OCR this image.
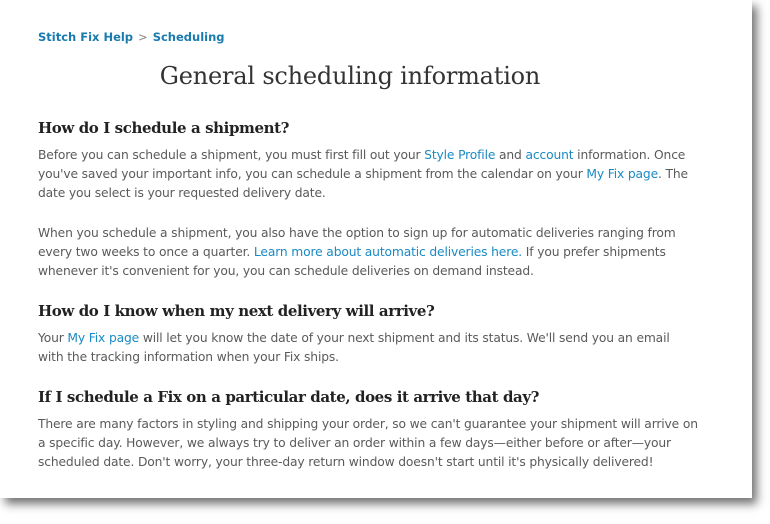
Stitch Fix Help > Scheduling
General scheduling information
How do I schedule a shipment?

Before you can schedule a shipment, you must first fill out your Style Profile and account information. Once you've saved your important info, you can schedule a shipment from the calendar on your My Fix page. The date you select is your requested delivery date.

When you schedule a shipment, you also have the option to sign up for automatic deliveries ranging from every two weeks to once a quarter. Learn more about automatic deliveries here. If you prefer shipments whenever it's convenient for you, you can schedule deliveries on demand instead.

How do I know when my next delivery will arrive?

Your My Fix page will let you know the date of your next shipment and its status. We'll send you an email with the tracking information when your Fix ships.

If I schedule a Fix on a particular date, does it arrive that day?

There are many factors in styling and shipping your order, so we can't guarantee your shipment will arrive on a specific day. However, we always try to deliver an order within a few days—either before or after—your scheduled date. Don't worry, your three-day return window doesn't start until it's physically delivered!
